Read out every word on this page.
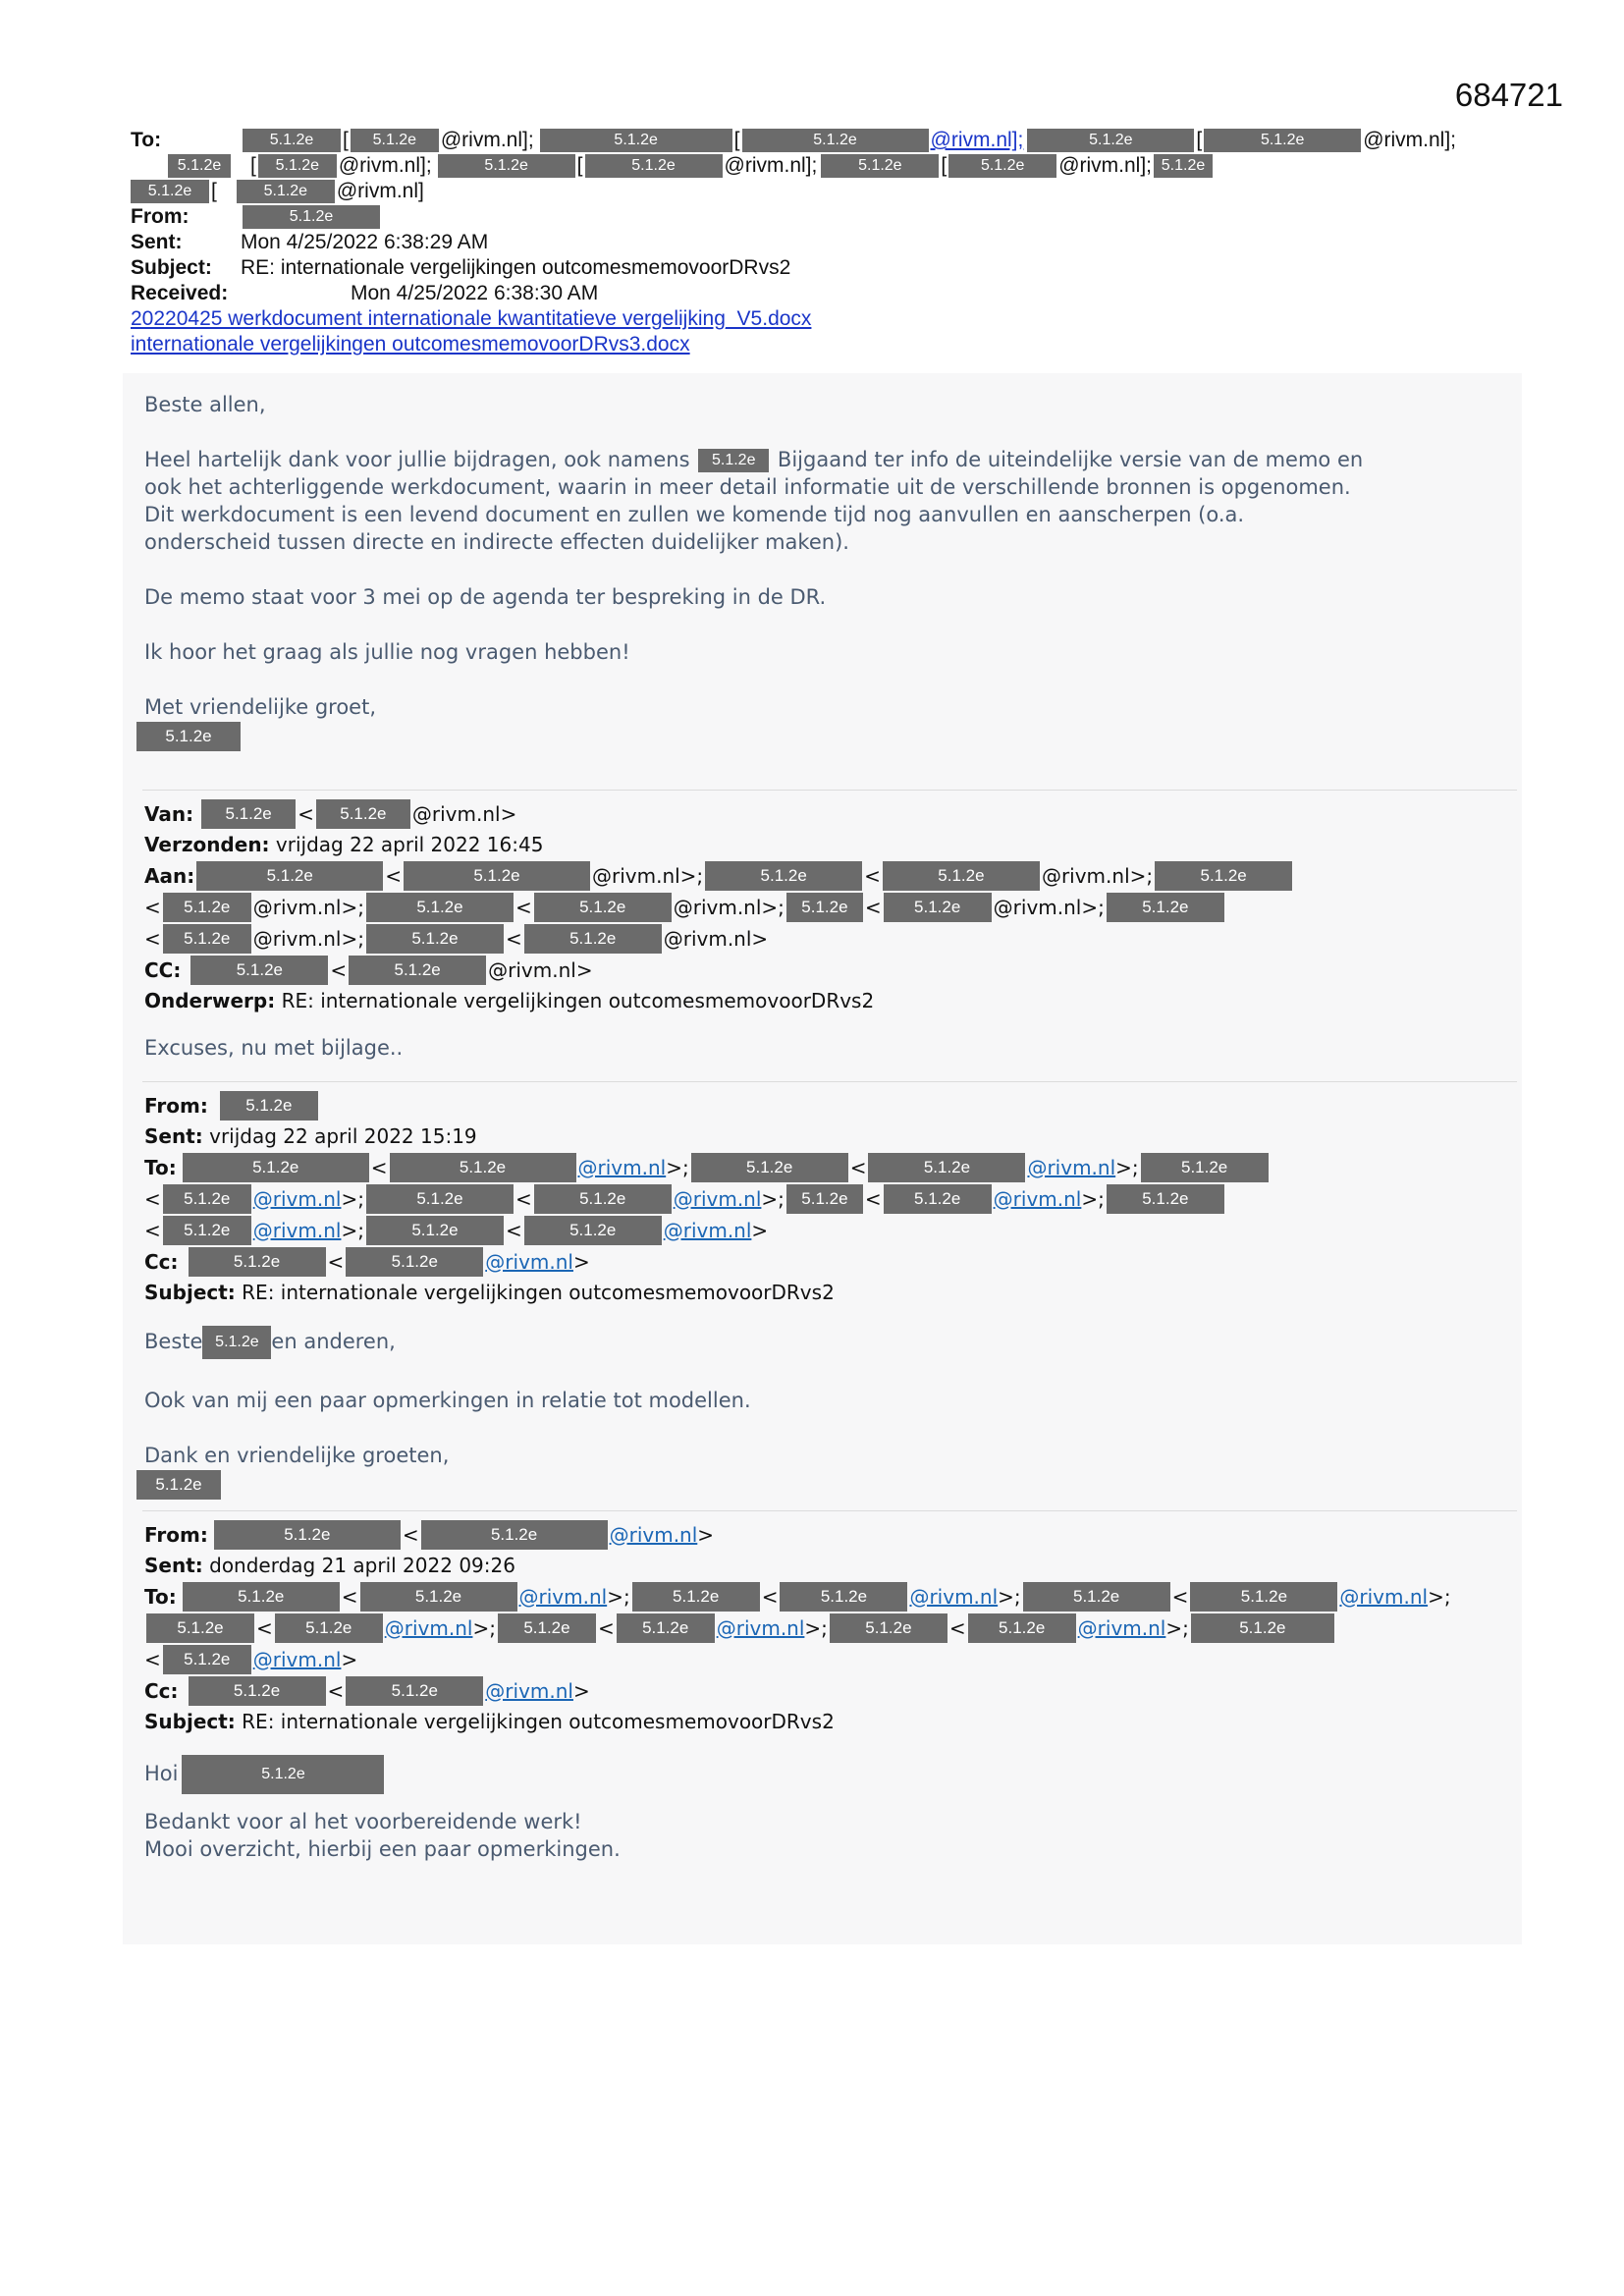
684721
To:	5.1.2e	[	5.1.2e	@rivm.nl];	5.1.2e	[	5.1.2e	@rivm.nl];	5.1.2e	[	5.1.2e	@rivm.nl];
5.1.2e	[	5.1.2e @rivm.nl];	5.1.2e	[	5.1.2e	@rivm.nl];	5.1.2e	[	5.1.2e	@rivm.nl]; 5.1.2e
5.1.2e [	5.1.2e	@rivm.nl]
From:	5.1.2e
Sent:	Mon 4/25/2022 6:38:29 AM
Subject:	RE: internationale vergelijkingen outcomesmemovoorDRvs2
Received:	Mon 4/25/2022 6:38:30 AM
20220425 werkdocument internationale kwantitatieve vergelijking_V5.docx
internationale vergelijkingen outcomesmemovoorDRvs3.docx

Beste allen,

Heel hartelijk dank voor jullie bijdragen, ook namens 5.1.2e Bijgaand ter info de uiteindelijke versie van de memo en

ook het achterliggende werkdocument, waarin in meer detail informatie uit de verschillende bronnen is opgenomen.

Dit werkdocument is een levend document en zullen we komende tijd nog aanvullen en aanscherpen (o.a.

onderscheid tussen directe en indirecte effecten duidelijker maken).

De memo staat voor 3 mei op de agenda ter bespreking in de DR.

Ik hoor het graag als jullie nog vragen hebben!

Met vriendelijke groet,

5.1.2e
Van:	5.1.2e	<	5.1.2e	@rivm.nl>
Verzonden:
vrijdag 22 april 2022 16:45
Aan:	5.1.2e	<	5.1.2e	@rivm.nl>;	5.1.2e	<	5.1.2e	@rivm.nl>;	5.1.2e
<	5.1.2e	@rivm.nl>;	5.1.2e	<	5.1.2e	@rivm.nl>;	5.1.2e <	5.1.2e	@rivm.nl>;	5.1.2e
<	5.1.2e	@rivm.nl>;	5.1.2e	<	5.1.2e	@rivm.nl>
CC:	5.1.2e	<	5.1.2e	@rivm.nl>
Onderwerp:
RE: internationale vergelijkingen outcomesmemovoorDRvs2

Excuses, nu met bijlage..

From:	5.1.2e
Sent:
vrijdag 22 april 2022 15:19
To:	5.1.2e	<	5.1.2e	@rivm.nl >;	5.1.2e	<	5.1.2e	@rivm.nl >;	5.1.2e
<	5.1.2e	@rivm.nl >;	5.1.2e	<	5.1.2e	@rivm.nl >;	5.1.2e <	5.1.2e	@rivm.nl >;	5.1.2e
<	5.1.2e	@rivm.nl >;	5.1.2e	<	5.1.2e	@rivm.nl >
Cc:	5.1.2e	<	5.1.2e	@rivm.nl >
Subject:
RE: internationale vergelijkingen outcomesmemovoorDRvs2

Beste 5.1.2e en anderen,

Ook van mij een paar opmerkingen in relatie tot modellen.

Dank en vriendelijke groeten,

5.1.2e
From:	5.1.2e	<	5.1.2e	@rivm.nl >
Sent:
donderdag 21 april 2022 09:26
To:	5.1.2e	<	5.1.2e	@rivm.nl >;	5.1.2e	<	5.1.2e	@rivm.nl >;	5.1.2e	<	5.1.2e	@rivm.nl >;
5.1.2e	<	5.1.2e	@rivm.nl >;	5.1.2e	<	5.1.2e	@rivm.nl >;	5.1.2e	<	5.1.2e	@rivm.nl >;	5.1.2e
<	5.1.2e	@rivm.nl >
Cc:	5.1.2e	<	5.1.2e	@rivm.nl >
Subject:
RE: internationale vergelijkingen outcomesmemovoorDRvs2

Hoi	5.1.2e

Bedankt voor al het voorbereidende werk!

Mooi overzicht, hierbij een paar opmerkingen.
